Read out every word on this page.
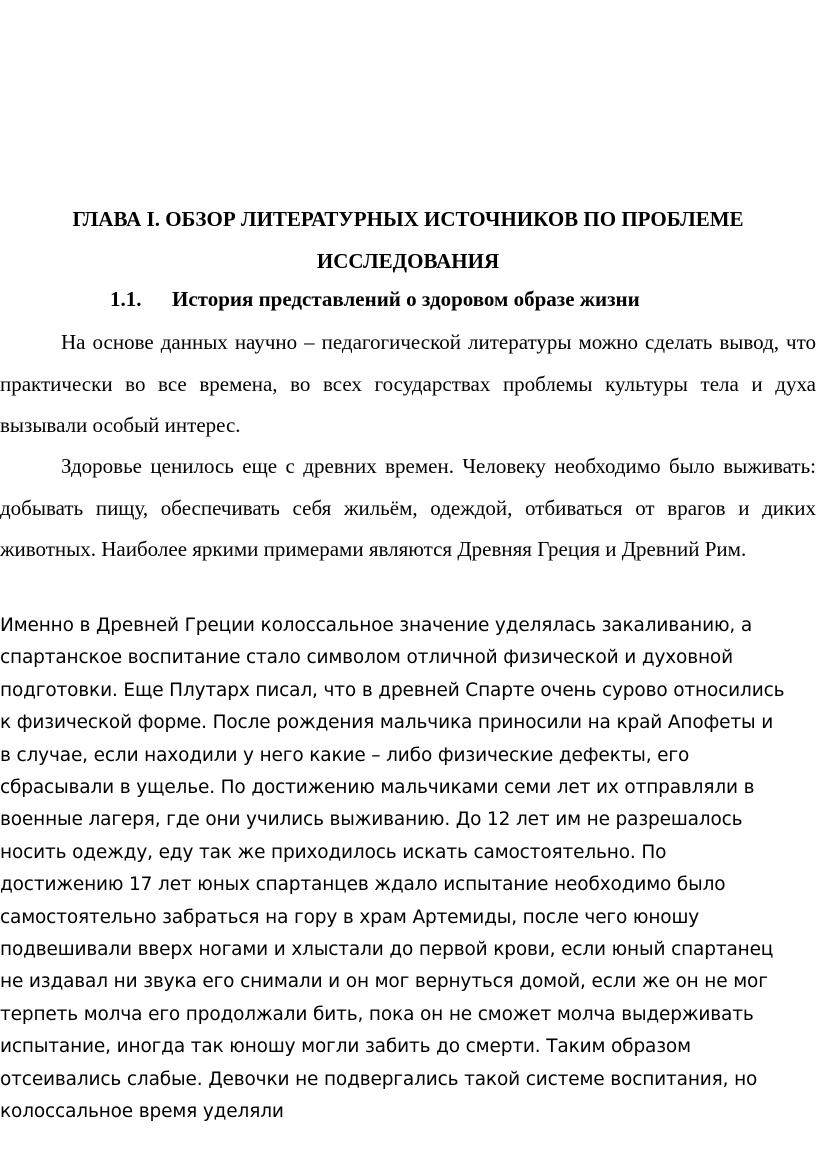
ГЛАВА I. ОБЗОР ЛИТЕРАТУРНЫХ ИСТОЧНИКОВ ПО ПРОБЛЕМЕ
ИССЛЕДОВАНИЯ
1.1. История представлений о здоровом образе жизни

На основе данных научно – педагогической литературы можно сделать вывод, что практически во все времена, во всех государствах проблемы культуры тела и духа вызывали особый интерес.

Здоровье ценилось еще с древних времен. Человеку необходимо было выживать: добывать пищу, обеспечивать себя жильём, одеждой, отбиваться от врагов и диких животных. Наиболее яркими примерами являются Древняя Греция и Древний Рим.

Именно в Древней Греции колоссальное значение уделялась закаливанию, а
спартанское воспитание стало символом отличной физической и духовной
подготовки. Еще Плутарх писал, что в древней Спарте очень сурово относились
к физической форме. После рождения мальчика приносили на край Апофеты и
в случае, если находили у него какие – либо физические дефекты, его
сбрасывали в ущелье. По достижению мальчиками семи лет их отправляли в
военные лагеря, где они учились выживанию. До 12 лет им не разрешалось
носить одежду, еду так же приходилось искать самостоятельно. По
достижению 17 лет юных спартанцев ждало испытание необходимо было
самостоятельно забраться на гору в храм Артемиды, после чего юношу
подвешивали вверх ногами и хлыстали до первой крови, если юный спартанец
не издавал ни звука его снимали и он мог вернуться домой, если же он не мог
терпеть молча его продолжали бить, пока он не сможет молча выдерживать
испытание, иногда так юношу могли забить до смерти. Таким образом
отсеивались слабые. Девочки не подвергались такой системе воспитания, но
колоссальное время уделяли
